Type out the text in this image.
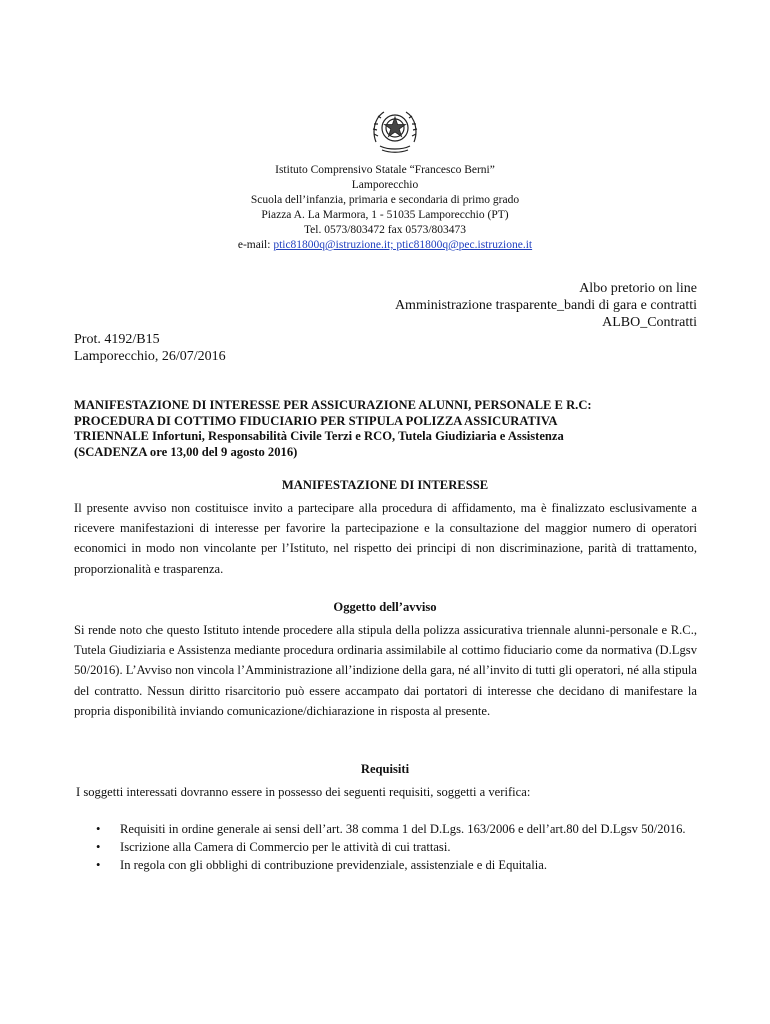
Istituto Comprensivo Statale “Francesco Berni”
Lamporecchio
Scuola dell’infanzia, primaria e secondaria di primo grado
Piazza A. La Marmora, 1 - 51035 Lamporecchio (PT)
Tel. 0573/803472 fax 0573/803473
e-mail: ptic81800q@istruzione.it; ptic81800q@pec.istruzione.it
Albo pretorio on line
Amministrazione trasparente_bandi di gara e contratti
ALBO_Contratti
Prot. 4192/B15
Lamporecchio, 26/07/2016
MANIFESTAZIONE DI INTERESSE PER ASSICURAZIONE ALUNNI, PERSONALE E R.C:
PROCEDURA DI COTTIMO FIDUCIARIO PER STIPULA POLIZZA ASSICURATIVA
TRIENNALE Infortuni, Responsabilità Civile Terzi e RCO, Tutela Giudiziaria e Assistenza
(SCADENZA ore 13,00 del 9 agosto 2016)
MANIFESTAZIONE DI INTERESSE
Il presente avviso non costituisce invito a partecipare alla procedura di affidamento, ma è finalizzato esclusivamente a ricevere manifestazioni di interesse per favorire la partecipazione e la consultazione del maggior numero di operatori economici in modo non vincolante per l’Istituto, nel rispetto dei principi di non discriminazione, parità di trattamento, proporzionalità e trasparenza.
Oggetto dell’avviso
Si rende noto che questo Istituto intende procedere alla stipula della polizza assicurativa triennale alunni-personale e R.C., Tutela Giudiziaria e Assistenza mediante procedura ordinaria assimilabile al cottimo fiduciario come da normativa (D.Lgsv 50/2016). L’Avviso non vincola l’Amministrazione all’indizione della gara, né all’invito di tutti gli operatori, né alla stipula del contratto. Nessun diritto risarcitorio può essere accampato dai portatori di interesse che decidano di manifestare la propria disponibilità inviando comunicazione/dichiarazione in risposta al presente.
Requisiti
I soggetti interessati dovranno essere in possesso dei seguenti requisiti, soggetti a verifica:
• Requisiti in ordine generale ai sensi dell’art. 38 comma 1 del D.Lgs. 163/2006 e dell’art.80 del D.Lgsv 50/2016.
• Iscrizione alla Camera di Commercio per le attività di cui trattasi.
• In regola con gli obblighi di contribuzione previdenziale, assistenziale e di Equitalia.
